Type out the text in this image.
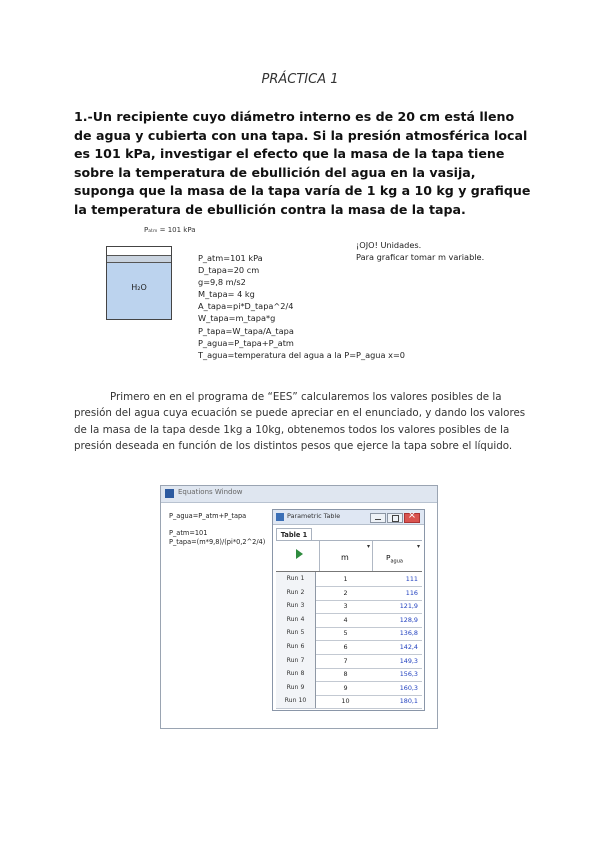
PRÁCTICA 1
1.-Un recipiente cuyo diámetro interno es de 20 cm está lleno de agua y cubierta con una tapa. Si la presión atmosférica local es 101 kPa, investigar el efecto que la masa de la tapa tiene sobre la temperatura de ebullición del agua en la vasija, suponga que la masa de la tapa varía de 1 kg a 10 kg y grafique la temperatura de ebullición contra la masa de la tapa.
Pₐₜₘ = 101 kPa
H₂O
P_atm=101 kPa
D_tapa=20 cm
g=9,8 m/s2
M_tapa= 4 kg
A_tapa=pi*D_tapa^2/4
W_tapa=m_tapa*g
P_tapa=W_tapa/A_tapa
P_agua=P_tapa+P_atm
T_agua=temperatura del agua a la P=P_agua x=0
¡OJO! Unidades.
Para graficar tomar m variable.
Primero en en el programa de “EES” calcularemos los valores posibles de la presión del agua cuya ecuación se puede apreciar en el enunciado, y dando los valores de la masa de la tapa desde 1kg a 10kg, obtenemos todos los valores posibles de la presión deseada en función de los distintos pesos que ejerce la tapa sobre el líquido.
Equations Window
P_agua=P_atm+P_tapa

P_atm=101
P_tapa=(m*9,8)/(pi*0,2^2/4)
Parametric Table
×
Table 1
m
▾
$P_{agua}$
▾
Run 1	1	111
Run 2	2	116
Run 3	3	121,9
Run 4	4	128,9
Run 5	5	136,8
Run 6	6	142,4
Run 7	7	149,3
Run 8	8	156,3
Run 9	9	160,3
Run 10	10	180,1
